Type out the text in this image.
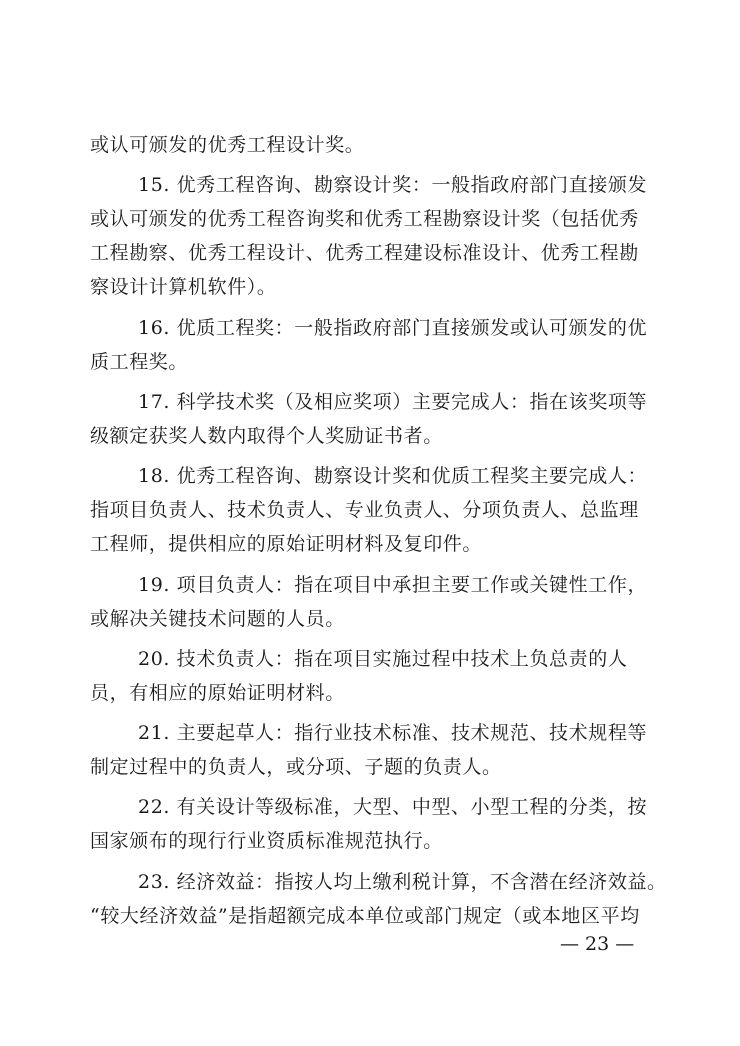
或认可颁发的优秀工程设计奖。
15. 优秀工程咨询、勘察设计奖：一般指政府部门直接颁发
或认可颁发的优秀工程咨询奖和优秀工程勘察设计奖（包括优秀
工程勘察、优秀工程设计、优秀工程建设标准设计、优秀工程勘
察设计计算机软件）。
16. 优质工程奖：一般指政府部门直接颁发或认可颁发的优
质工程奖。
17. 科学技术奖（及相应奖项）主要完成人：指在该奖项等
级额定获奖人数内取得个人奖励证书者。
18. 优秀工程咨询、勘察设计奖和优质工程奖主要完成人：
指项目负责人、技术负责人、专业负责人、分项负责人、总监理
工程师，提供相应的原始证明材料及复印件。
19. 项目负责人：指在项目中承担主要工作或关键性工作，
或解决关键技术问题的人员。
20. 技术负责人：指在项目实施过程中技术上负总责的人
员，有相应的原始证明材料。
21. 主要起草人：指行业技术标准、技术规范、技术规程等
制定过程中的负责人，或分项、子题的负责人。
22. 有关设计等级标准，大型、中型、小型工程的分类，按
国家颁布的现行行业资质标准规范执行。
23. 经济效益：指按人均上缴利税计算，不含潜在经济效益。
“较大经济效益”是指超额完成本单位或部门规定（或本地区平均
— 23 —
